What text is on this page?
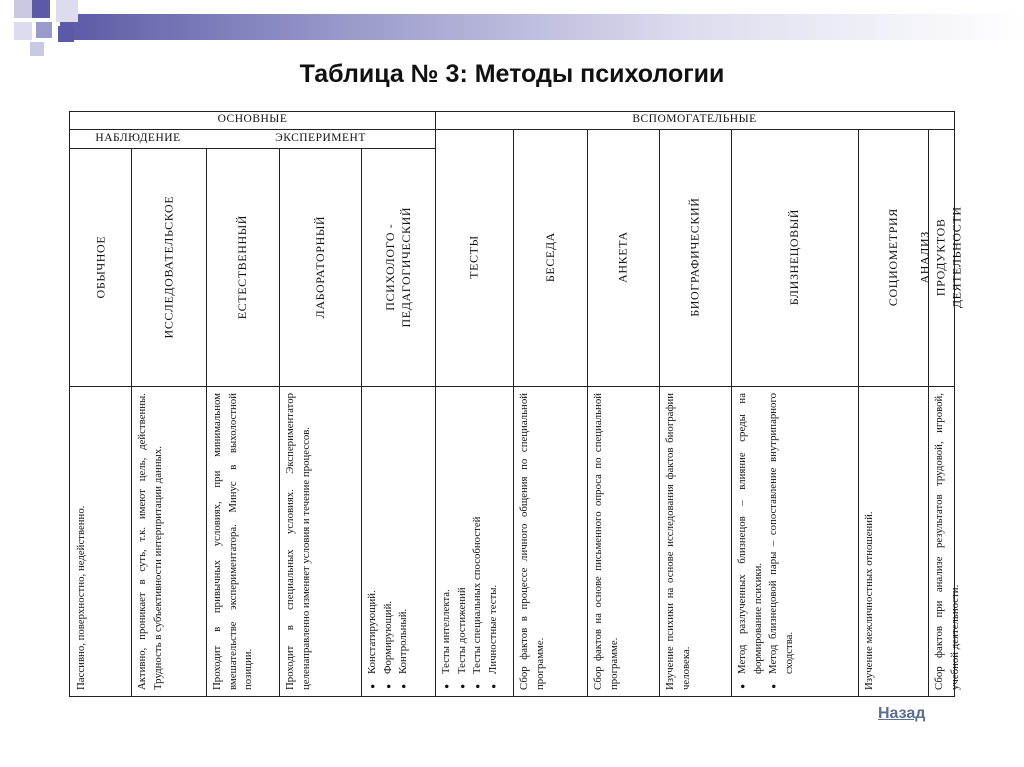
Таблица № 3: Методы психологии
ОСНОВНЫЕ	ВСПОМОГАТЕЛЬНЫЕ
НАБЛЮДЕНИЕ	ЭКСПЕРИМЕНТ
ОБЫЧНОЕ
Пассивно, поверхностно, недейственно.
ИССЛЕДОВАТЕЛЬСКОЕ
Активно, проникает в суть, т.к. имеют цель, действенны. Трудность в субъективности интерпритации данных.
ЕСТЕСТВЕННЫЙ
Проходит в привычных условиях, при минимальном вмешательстве экспериментатора. Минус в выхолостной позиции.
ЛАБОРАТОРНЫЙ
Проходит в специальных условиях. Экспериментатор целенаправленно изменяет условия и течение процессов.
ПСИХОЛОГО - ПЕДАГОГИЧЕСКИЙ
• Констатирующий. • Формирующий. • Контрольный.
ТЕСТЫ
• Тесты интеллекта. • Тесты достижений • Тесты специальных способностей • Личностные тесты.
БЕСЕДА
Сбор фактов в процессе личного общения по специальной программе.
АНКЕТА
Сбор фактов на основе письменного опроса по специальной программе.
БИОГРАФИЧЕСКИЙ
Изучение психики на основе исследования фактов биографии человека.
БЛИЗНЕЦОВЫЙ
• Метод разлученных близнецов – влияние среды на формирование психики. • Метод близнецовой пары – сопоставление внутрипарного сходства.
СОЦИОМЕТРИЯ
Изучение межличностных отношений.
АНАЛИЗ ПРОДУКТОВ ДЕЯТЕЛЬНОСТИ
Сбор фактов при анализе результатов трудовой, игровой, учебной деятельности.
Назад
